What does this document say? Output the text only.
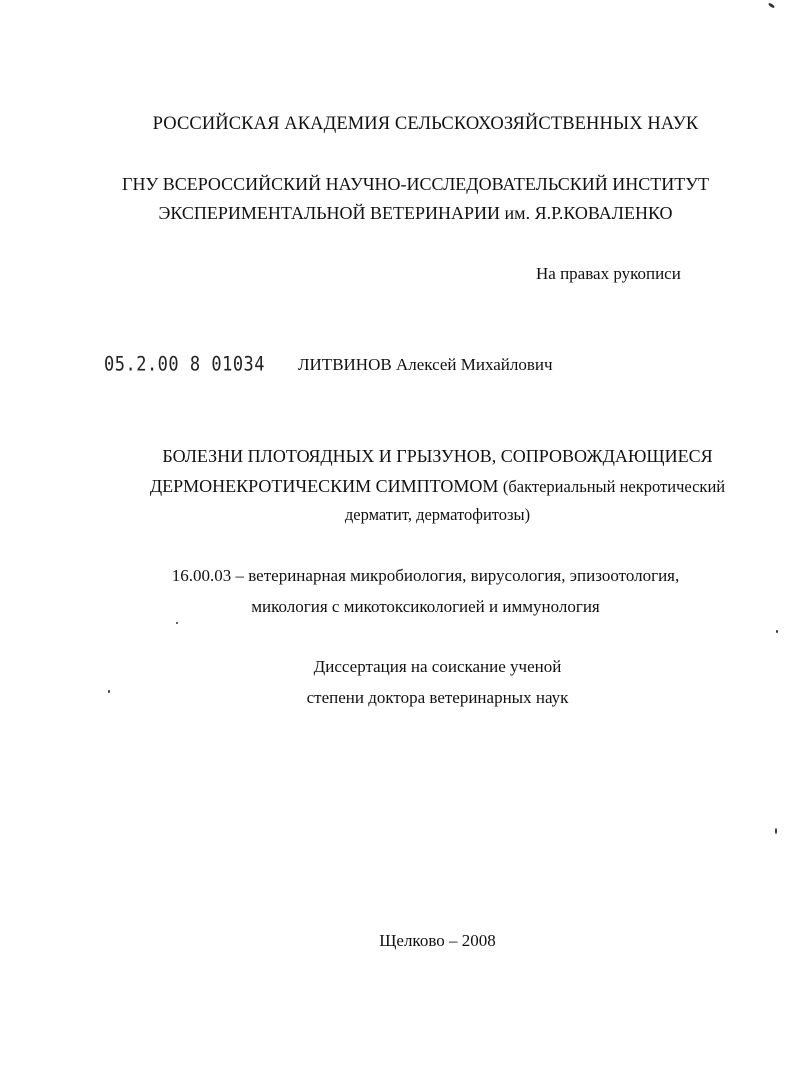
РОССИЙСКАЯ АКАДЕМИЯ СЕЛЬСКОХОЗЯЙСТВЕННЫХ НАУК
ГНУ ВСЕРОССИЙСКИЙ НАУЧНО-ИССЛЕДОВАТЕЛЬСКИЙ ИНСТИТУТ
ЭКСПЕРИМЕНТАЛЬНОЙ ВЕТЕРИНАРИИ им. Я.Р.КОВАЛЕНКО
На правах рукописи
05.2.00 8 01034 ЛИТВИНОВ Алексей Михайлович
БОЛЕЗНИ ПЛОТОЯДНЫХ И ГРЫЗУНОВ, СОПРОВОЖДАЮЩИЕСЯ
ДЕРМОНЕКРОТИЧЕСКИМ СИМПТОМОМ (бактериальный некротический
дерматит, дерматофитозы)
16.00.03 – ветеринарная микробиология, вирусология, эпизоотология,
микология с микотоксикологией и иммунология
Диссертация на соискание ученой
степени доктора ветеринарных наук
Щелково – 2008
